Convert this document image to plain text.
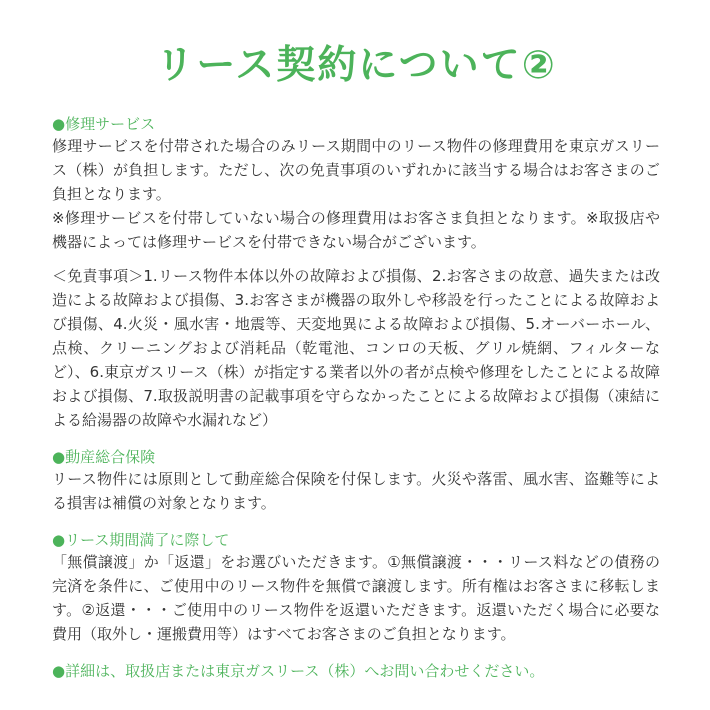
リース契約について②
●修理サービス

修理サービスを付帯された場合のみリース期間中のリース物件の修理費用を東京ガスリース（株）が負担します。ただし、次の免責事項のいずれかに該当する場合はお客さまのご負担となります。

※修理サービスを付帯していない場合の修理費用はお客さま負担となります。※取扱店や機器によっては修理サービスを付帯できない場合がございます。

＜免責事項＞1.リース物件本体以外の故障および損傷、2.お客さまの故意、過失または改造による故障および損傷、3.お客さまが機器の取外しや移設を行ったことによる故障および損傷、4.火災・風水害・地震等、天変地異による故障および損傷、5.オーバーホール、点検、クリーニングおよび消耗品（乾電池、コンロの天板、グリル焼網、フィルターなど）、6.東京ガスリース（株）が指定する業者以外の者が点検や修理をしたことによる故障および損傷、7.取扱説明書の記載事項を守らなかったことによる故障および損傷（凍結による給湯器の故障や水漏れなど）

●動産総合保険

リース物件には原則として動産総合保険を付保します。火災や落雷、風水害、盗難等による損害は補償の対象となります。

●リース期間満了に際して

「無償譲渡」か「返還」をお選びいただきます。①無償譲渡・・・リース料などの債務の完済を条件に、ご使用中のリース物件を無償で譲渡します。所有権はお客さまに移転します。②返還・・・ご使用中のリース物件を返還いただきます。返還いただく場合に必要な費用（取外し・運搬費用等）はすべてお客さまのご負担となります。

●詳細は、取扱店または東京ガスリース（株）へお問い合わせください。
